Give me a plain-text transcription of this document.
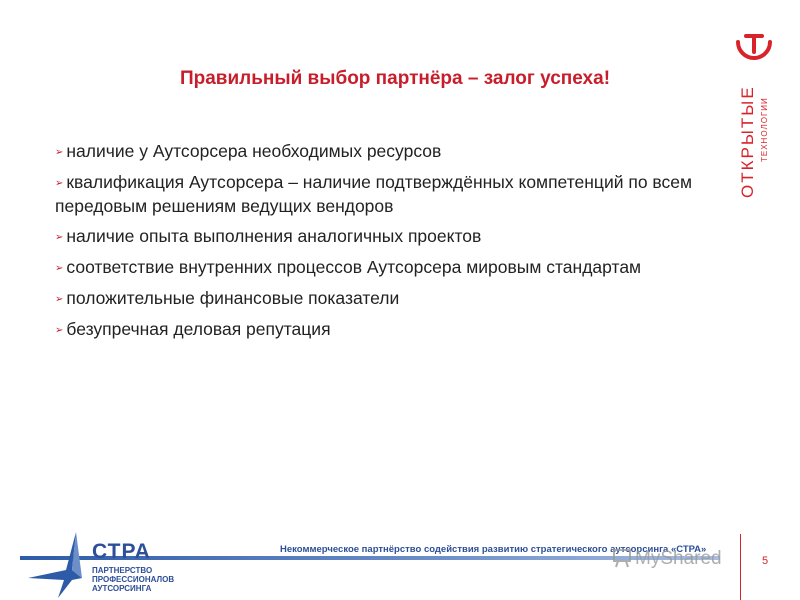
Правильный выбор партнёра – залог успеха!
➢ наличие у Аутсорсера необходимых ресурсов
➢ квалификация Аутсорсера – наличие подтверждённых компетенций по всем передовым решениям ведущих вендоров
➢ наличие опыта выполнения аналогичных проектов
➢ соответствие внутренних процессов Аутсорсера мировым стандартам
➢ положительные финансовые показатели
➢ безупречная деловая репутация
ОТКРЫТЫЕ ТЕХНОЛОГИИ
СТРА
ПАРТНЕРСТВО
ПРОФЕССИОНАЛОВ
АУТСОРСИНГА
Некоммерческое партнёрство содействия развитию стратегического аутсорсинга «СТРА»
5
MyShared
